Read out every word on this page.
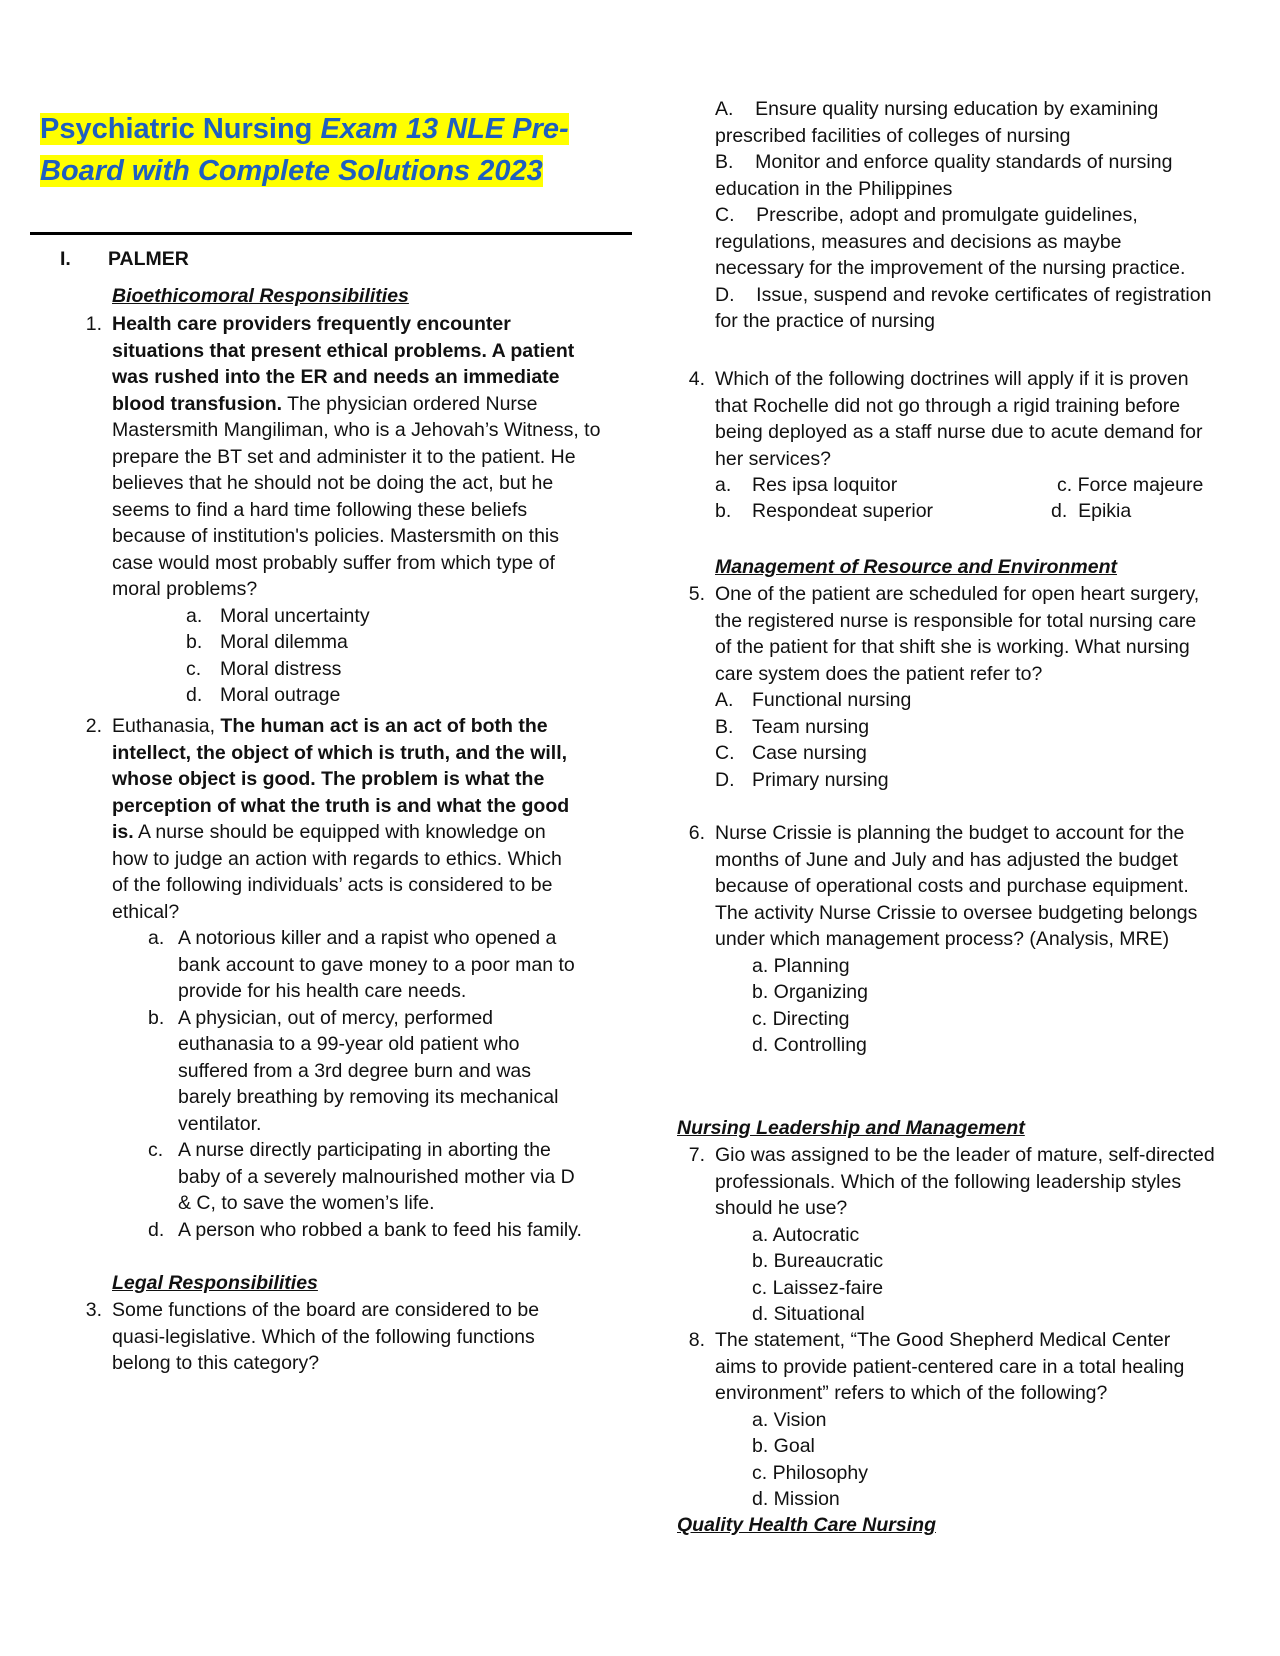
Psychiatric Nursing Exam 13 NLE Pre-Board with Complete Solutions 2023
I. PALMER
Bioethicomoral Responsibilities
1. Health care providers frequently encounter situations that present ethical problems. A patient was rushed into the ER and needs an immediate blood transfusion. The physician ordered Nurse Mastersmith Mangiliman, who is a Jehovah’s Witness, to prepare the BT set and administer it to the patient. He believes that he should not be doing the act, but he seems to find a hard time following these beliefs because of institution's policies. Mastersmith on this case would most probably suffer from which type of moral problems?

a. Moral uncertainty
b. Moral dilemma
c. Moral distress
d. Moral outrage
2. Euthanasia, The human act is an act of both the intellect, the object of which is truth, and the will, whose object is good. The problem is what the perception of what the truth is and what the good is. A nurse should be equipped with knowledge on how to judge an action with regards to ethics. Which of the following individuals’ acts is considered to be ethical?

a. A notorious killer and a rapist who opened a bank account to gave money to a poor man to provide for his health care needs.
b. A physician, out of mercy, performed euthanasia to a 99-year old patient who suffered from a 3rd degree burn and was barely breathing by removing its mechanical ventilator.
c. A nurse directly participating in aborting the baby of a severely malnourished mother via D & C, to save the women’s life.
d. A person who robbed a bank to feed his family.
Legal Responsibilities
3. Some functions of the board are considered to be quasi-legislative. Which of the following functions belong to this category?

A. Ensure quality nursing education by examining prescribed facilities of colleges of nursing
B. Monitor and enforce quality standards of nursing education in the Philippines
C. Prescribe, adopt and promulgate guidelines, regulations, measures and decisions as maybe necessary for the improvement of the nursing practice.
D. Issue, suspend and revoke certificates of registration for the practice of nursing
4. Which of the following doctrines will apply if it is proven that Rochelle did not go through a rigid training before being deployed as a staff nurse due to acute demand for her services?

a. Res ipsa loquitor
b. Respondeat superior
c. Force majeure
d. Epikia
Management of Resource and Environment
5. One of the patient are scheduled for open heart surgery, the registered nurse is responsible for total nursing care of the patient for that shift she is working. What nursing care system does the patient refer to?

A. Functional nursing
B. Team nursing
C. Case nursing
D. Primary nursing
6. Nurse Crissie is planning the budget to account for the months of June and July and has adjusted the budget because of operational costs and purchase equipment. The activity Nurse Crissie to oversee budgeting belongs under which management process? (Analysis, MRE)

a. Planning
b. Organizing
c. Directing
d. Controlling
Nursing Leadership and Management
7. Gio was assigned to be the leader of mature, self-directed professionals. Which of the following leadership styles should he use?

a. Autocratic
b. Bureaucratic
c. Laissez-faire
d. Situational
8. The statement, “The Good Shepherd Medical Center aims to provide patient-centered care in a total healing environment” refers to which of the following?

a. Vision
b. Goal
c. Philosophy
d. Mission
Quality Health Care Nursing
